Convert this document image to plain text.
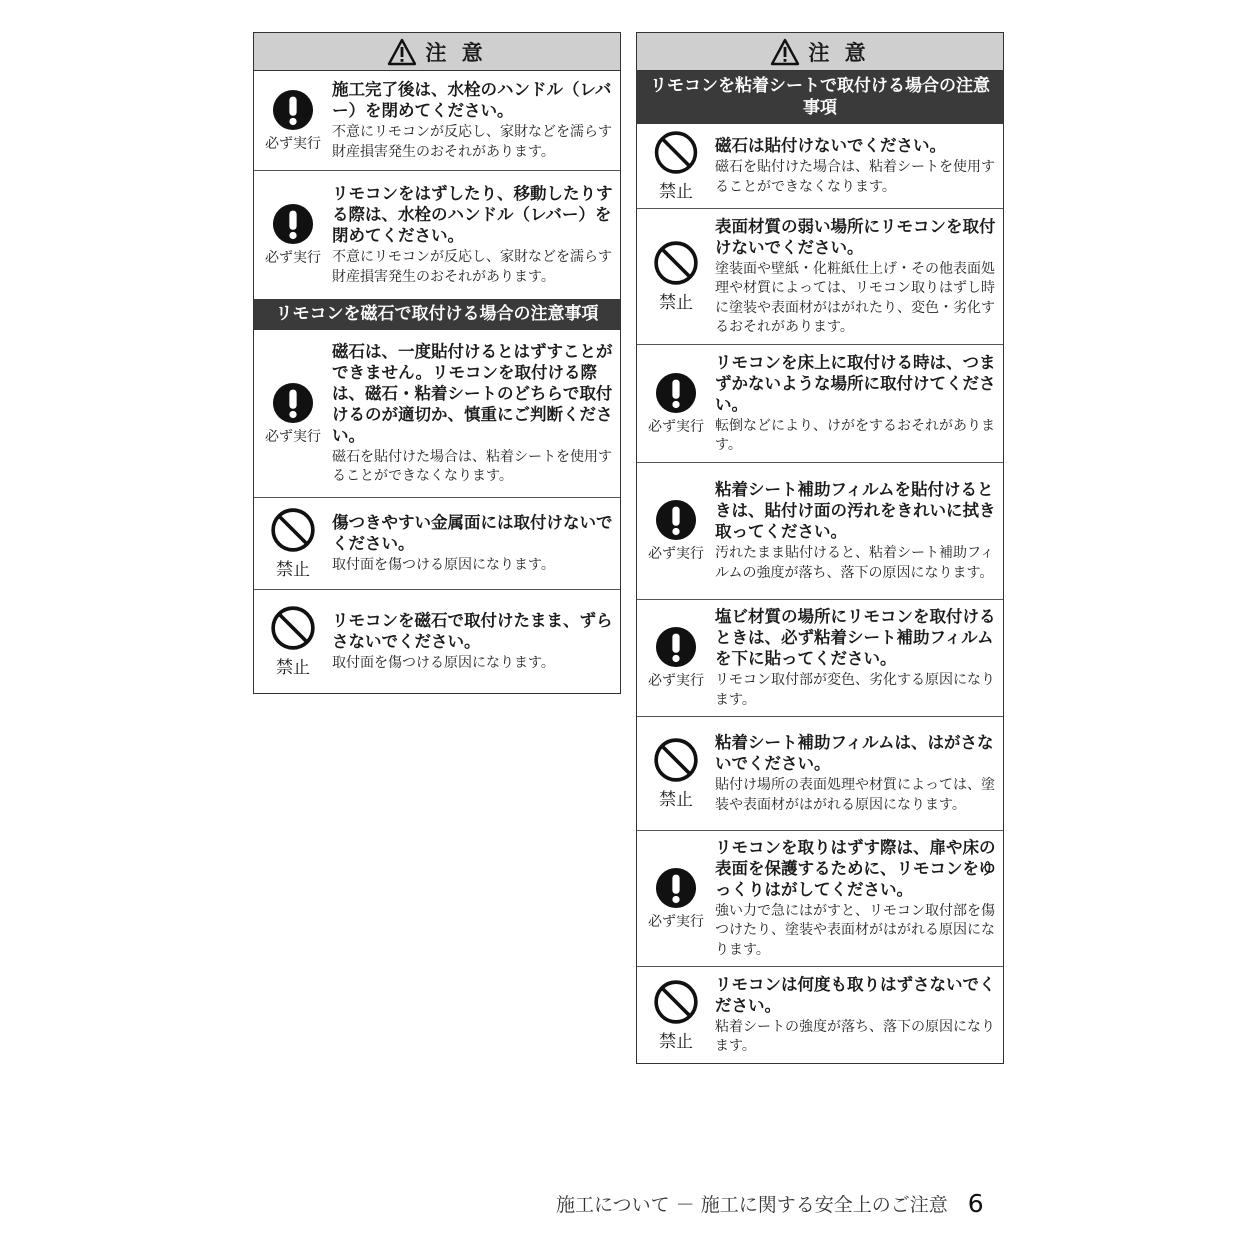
注 意
必ず実行
施工完了後は、水栓のハンドル（レバー）を閉めてください。
不意にリモコンが反応し、家財などを濡らす財産損害発生のおそれがあります。
必ず実行
リモコンをはずしたり、移動したりする際は、水栓のハンドル（レバー）を閉めてください。
不意にリモコンが反応し、家財などを濡らす財産損害発生のおそれがあります。
リモコンを磁石で取付ける場合の注意事項
必ず実行
磁石は、一度貼付けるとはずすことができません。リモコンを取付ける際は、磁石・粘着シートのどちらで取付けるのが適切か、慎重にご判断ください。
磁石を貼付けた場合は、粘着シートを使用することができなくなります。
禁止
傷つきやすい金属面には取付けないでください。
取付面を傷つける原因になります。
禁止
リモコンを磁石で取付けたまま、ずらさないでください。
取付面を傷つける原因になります。
注 意
リモコンを粘着シートで取付ける場合の注意事項
禁止
磁石は貼付けないでください。
磁石を貼付けた場合は、粘着シートを使用することができなくなります。
禁止
表面材質の弱い場所にリモコンを取付けないでください。
塗装面や壁紙・化粧紙仕上げ・その他表面処理や材質によっては、リモコン取りはずし時に塗装や表面材がはがれたり、変色・劣化するおそれがあります。
必ず実行
リモコンを床上に取付ける時は、つまずかないような場所に取付けてください。
転倒などにより、けがをするおそれがあります。
必ず実行
粘着シート補助フィルムを貼付けるときは、貼付け面の汚れをきれいに拭き取ってください。
汚れたまま貼付けると、粘着シート補助フィルムの強度が落ち、落下の原因になります。
必ず実行
塩ビ材質の場所にリモコンを取付けるときは、必ず粘着シート補助フィルムを下に貼ってください。
リモコン取付部が変色、劣化する原因になります。
禁止
粘着シート補助フィルムは、はがさないでください。
貼付け場所の表面処理や材質によっては、塗装や表面材がはがれる原因になります。
必ず実行
リモコンを取りはずす際は、扉や床の表面を保護するために、リモコンをゆっくりはがしてください。
強い力で急にはがすと、リモコン取付部を傷つけたり、塗装や表面材がはがれる原因になります。
禁止
リモコンは何度も取りはずさないでください。
粘着シートの強度が落ち、落下の原因になります。
施工について － 施工に関する安全上のご注意 6
